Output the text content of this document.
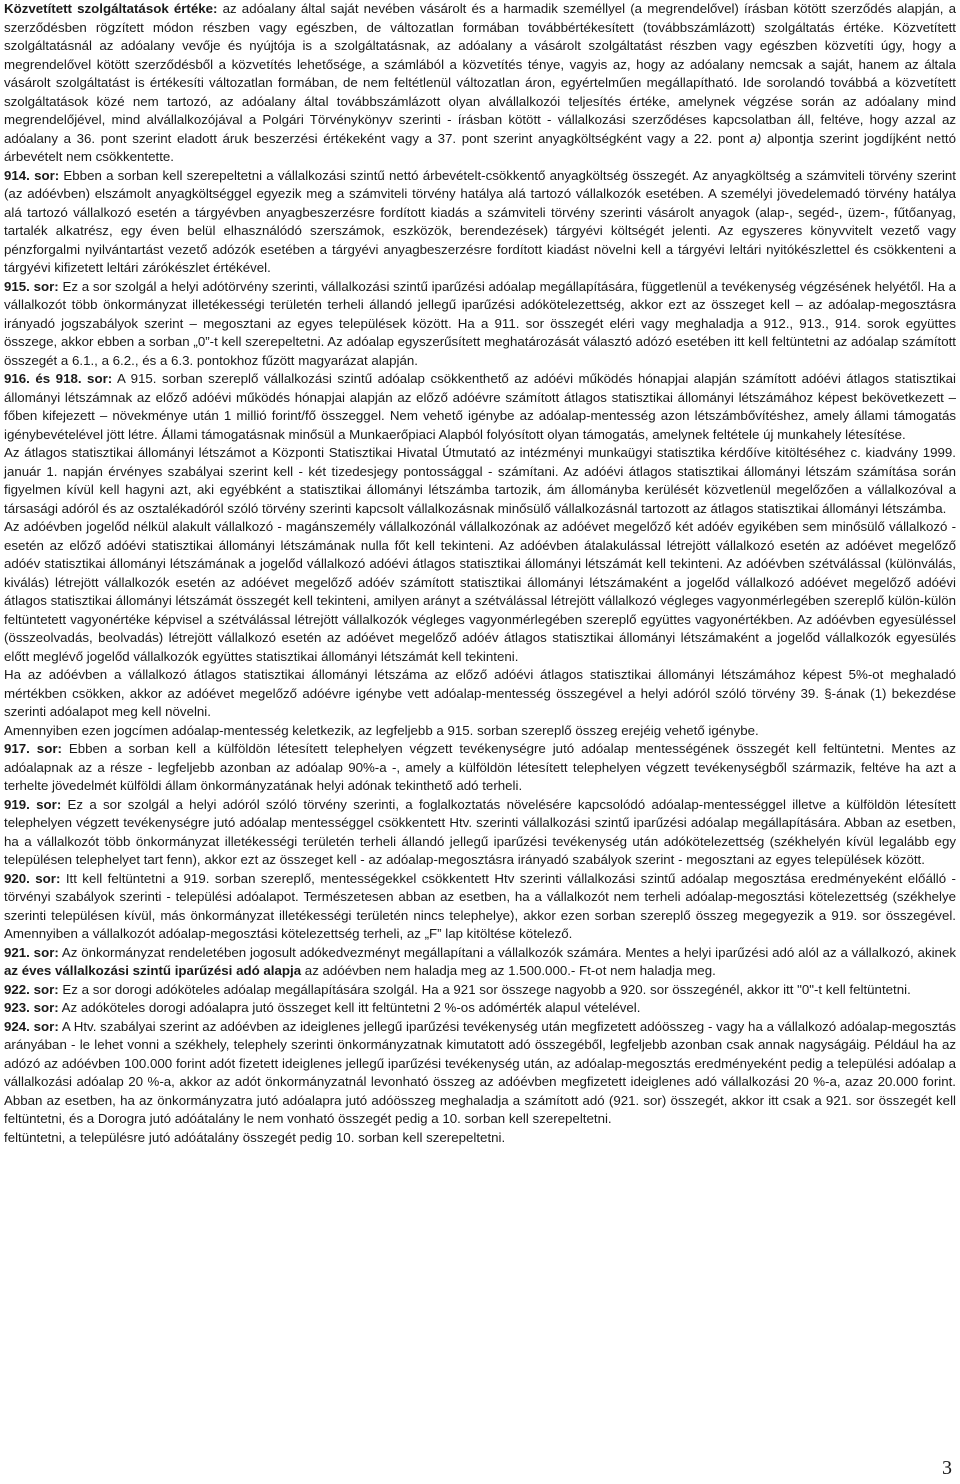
Közvetített szolgáltatások értéke: az adóalany által saját nevében vásárolt és a harmadik személlyel (a megrendelővel) írásban kötött szerződés alapján, a szerződésben rögzített módon részben vagy egészben, de változatlan formában továbbértékesített (továbbszámlázott) szolgáltatás értéke. Közvetített szolgáltatásnál az adóalany vevője és nyújtója is a szolgáltatásnak, az adóalany a vásárolt szolgáltatást részben vagy egészben közvetíti úgy, hogy a megrendelővel kötött szerződésből a közvetítés lehetősége, a számlából a közvetítés ténye, vagyis az, hogy az adóalany nemcsak a saját, hanem az általa vásárolt szolgáltatást is értékesíti változatlan formában, de nem feltétlenül változatlan áron, egyértelműen megállapítható. Ide sorolandó továbbá a közvetített szolgáltatások közé nem tartozó, az adóalany által továbbszámlázott olyan alvállalkozói teljesítés értéke, amelynek végzése során az adóalany mind megrendelőjével, mind alvállalkozójával a Polgári Törvénykönyv szerinti - írásban kötött - vállalkozási szerződéses kapcsolatban áll, feltéve, hogy azzal az adóalany a 36. pont szerint eladott áruk beszerzési értékeként vagy a 37. pont szerint anyagköltségként vagy a 22. pont a) alpontja szerint jogdíjként nettó árbevételt nem csökkentette.

914. sor: Ebben a sorban kell szerepeltetni a vállalkozási szintű nettó árbevételt-csökkentő anyagköltség összegét. Az anyagköltség a számviteli törvény szerint (az adóévben) elszámolt anyagköltséggel egyezik meg a számviteli törvény hatálya alá tartozó vállalkozók esetében. A személyi jövedelemadó törvény hatálya alá tartozó vállalkozó esetén a tárgyévben anyagbeszerzésre fordított kiadás a számviteli törvény szerinti vásárolt anyagok (alap-, segéd-, üzem-, fűtőanyag, tartalék alkatrész, egy éven belül elhasználódó szerszámok, eszközök, berendezések) tárgyévi költségét jelenti. Az egyszeres könyvvitelt vezető vagy pénzforgalmi nyilvántartást vezető adózók esetében a tárgyévi anyagbeszerzésre fordított kiadást növelni kell a tárgyévi leltári nyitókészlettel és csökkenteni a tárgyévi kifizetett leltári zárókészlet értékével.

915. sor: Ez a sor szolgál a helyi adótörvény szerinti, vállalkozási szintű iparűzési adóalap megállapítására, függetlenül a tevékenység végzésének helyétől. Ha a vállalkozót több önkormányzat illetékességi területén terheli állandó jellegű iparűzési adókötelezettség, akkor ezt az összeget kell – az adóalap-megosztásra irányadó jogszabályok szerint – megosztani az egyes települések között. Ha a 911. sor összegét eléri vagy meghaladja a 912., 913., 914. sorok együttes összege, akkor ebben a sorban „0”-t kell szerepeltetni. Az adóalap egyszerűsített meghatározását választó adózó esetében itt kell feltüntetni az adóalap számított összegét a 6.1., a 6.2., és a 6.3. pontokhoz fűzött magyarázat alapján.

916. és 918. sor: A 915. sorban szereplő vállalkozási szintű adóalap csökkenthető az adóévi működés hónapjai alapján számított adóévi átlagos statisztikai állományi létszámnak az előző adóévi működés hónapjai alapján az előző adóévre számított átlagos statisztikai állományi létszámához képest bekövetkezett – főben kifejezett – növekménye után 1 millió forint/fő összeggel. Nem vehető igénybe az adóalap-mentesség azon létszámbővítéshez, amely állami támogatás igénybevételével jött létre. Állami támogatásnak minősül a Munkaerőpiaci Alapból folyósított olyan támogatás, amelynek feltétele új munkahely létesítése.

Az átlagos statisztikai állományi létszámot a Központi Statisztikai Hivatal Útmutató az intézményi munkaügyi statisztika kérdőíve kitöltéséhez c. kiadvány 1999. január 1. napján érvényes szabályai szerint kell - két tizedesjegy pontossággal - számítani. Az adóévi átlagos statisztikai állományi létszám számítása során figyelmen kívül kell hagyni azt, aki egyébként a statisztikai állományi létszámba tartozik, ám állományba kerülését közvetlenül megelőzően a vállalkozóval a társasági adóról és az osztalékadóról szóló törvény szerinti kapcsolt vállalkozásnak minősülő vállalkozásnál tartozott az átlagos statisztikai állományi létszámba.

Az adóévben jogelőd nélkül alakult vállalkozó - magánszemély vállalkozónál vállalkozónak az adóévet megelőző két adóév egyikében sem minősülő vállalkozó - esetén az előző adóévi statisztikai állományi létszámának nulla főt kell tekinteni. Az adóévben átalakulással létrejött vállalkozó esetén az adóévet megelőző adóév statisztikai állományi létszámának a jogelőd vállalkozó adóévi átlagos statisztikai állományi létszámát kell tekinteni. Az adóévben szétválással (különválás, kiválás) létrejött vállalkozók esetén az adóévet megelőző adóév számított statisztikai állományi létszámaként a jogelőd vállalkozó adóévet megelőző adóévi átlagos statisztikai állományi létszámát összegét kell tekinteni, amilyen arányt a szétválással létrejött vállalkozó végleges vagyonmérlegében szereplő külön-külön feltüntetett vagyonértéke képvisel a szétválással létrejött vállalkozók végleges vagyonmérlegében szereplő együttes vagyonértékben. Az adóévben egyesüléssel (összeolvadás, beolvadás) létrejött vállalkozó esetén az adóévet megelőző adóév átlagos statisztikai állományi létszámaként a jogelőd vállalkozók egyesülés előtt meglévő jogelőd vállalkozók együttes statisztikai állományi létszámát kell tekinteni.

Ha az adóévben a vállalkozó átlagos statisztikai állományi létszáma az előző adóévi átlagos statisztikai állományi létszámához képest 5%-ot meghaladó mértékben csökken, akkor az adóévet megelőző adóévre igénybe vett adóalap-mentesség összegével a helyi adóról szóló törvény 39. §-ának (1) bekezdése szerinti adóalapot meg kell növelni.

Amennyiben ezen jogcímen adóalap-mentesség keletkezik, az legfeljebb a 915. sorban szereplő összeg erejéig vehető igénybe.

917. sor: Ebben a sorban kell a külföldön létesített telephelyen végzett tevékenységre jutó adóalap mentességének összegét kell feltüntetni. Mentes az adóalapnak az a része - legfeljebb azonban az adóalap 90%-a -, amely a külföldön létesített telephelyen végzett tevékenységből származik, feltéve ha azt a terhelte jövedelmét külföldi állam önkormányzatának helyi adónak tekinthető adó terheli.

919. sor: Ez a sor szolgál a helyi adóról szóló törvény szerinti, a foglalkoztatás növelésére kapcsolódó adóalap-mentességgel illetve a külföldön létesített telephelyen végzett tevékenységre jutó adóalap mentességgel csökkentett Htv. szerinti vállalkozási szintű iparűzési adóalap megállapítására. Abban az esetben, ha a vállalkozót több önkormányzat illetékességi területén terheli állandó jellegű iparűzési tevékenység után adókötelezettség (székhelyén kívül legalább egy településen telephelyet tart fenn), akkor ezt az összeget kell - az adóalap-megosztásra irányadó szabályok szerint - megosztani az egyes települések között.

920. sor: Itt kell feltüntetni a 919. sorban szereplő, mentességekkel csökkentett Htv szerinti vállalkozási szintű adóalap megosztása eredményeként előálló - törvényi szabályok szerinti - települési adóalapot. Természetesen abban az esetben, ha a vállalkozót nem terheli adóalap-megosztási kötelezettség (székhelye szerinti településen kívül, más önkormányzat illetékességi területén nincs telephelye), akkor ezen sorban szereplő összeg megegyezik a 919. sor összegével. Amennyiben a vállalkozót adóalap-megosztási kötelezettség terheli, az „F” lap kitöltése kötelező.

921. sor: Az önkormányzat rendeletében jogosult adókedvezményt megállapítani a vállalkozók számára. Mentes a helyi iparűzési adó alól az a vállalkozó, akinek az éves vállalkozási szintű iparűzési adó alapja az adóévben nem haladja meg az 1.500.000.- Ft-ot nem haladja meg.

922. sor: Ez a sor dorogi adóköteles adóalap megállapítására szolgál. Ha a 921 sor összege nagyobb a 920. sor összegénél, akkor itt "0"-t kell feltüntetni.

923. sor: Az adóköteles dorogi adóalapra jutó összeget kell itt feltüntetni 2 %-os adómérték alapul vételével.

924. sor: A Htv. szabályai szerint az adóévben az ideiglenes jellegű iparűzési tevékenység után megfizetett adóösszeg - vagy ha a vállalkozó adóalap-megosztás arányában - le lehet vonni a székhely, telephely szerinti önkormányzatnak kimutatott adó összegéből, legfeljebb azonban csak annak nagyságáig. Például ha az adózó az adóévben 100.000 forint adót fizetett ideiglenes jellegű iparűzési tevékenység után, az adóalap-megosztás eredményeként pedig a települési adóalap a vállalkozási adóalap 20 %-a, akkor az adót önkormányzatnál levonható összeg az adóévben megfizetett ideiglenes adó vállalkozási 20 %-a, azaz 20.000 forint. Abban az esetben, ha az önkormányzatra jutó adóalapra jutó adóösszeg meghaladja a számított adó (921. sor) összegét, akkor itt csak a 921. sor összegét kell feltüntetni, és a Dorogra jutó adóátalány le nem vonható összegét pedig a 10. sorban kell szerepeltetni.

feltüntetni, a településre jutó adóátalány összegét pedig 10. sorban kell szerepeltetni.

3
